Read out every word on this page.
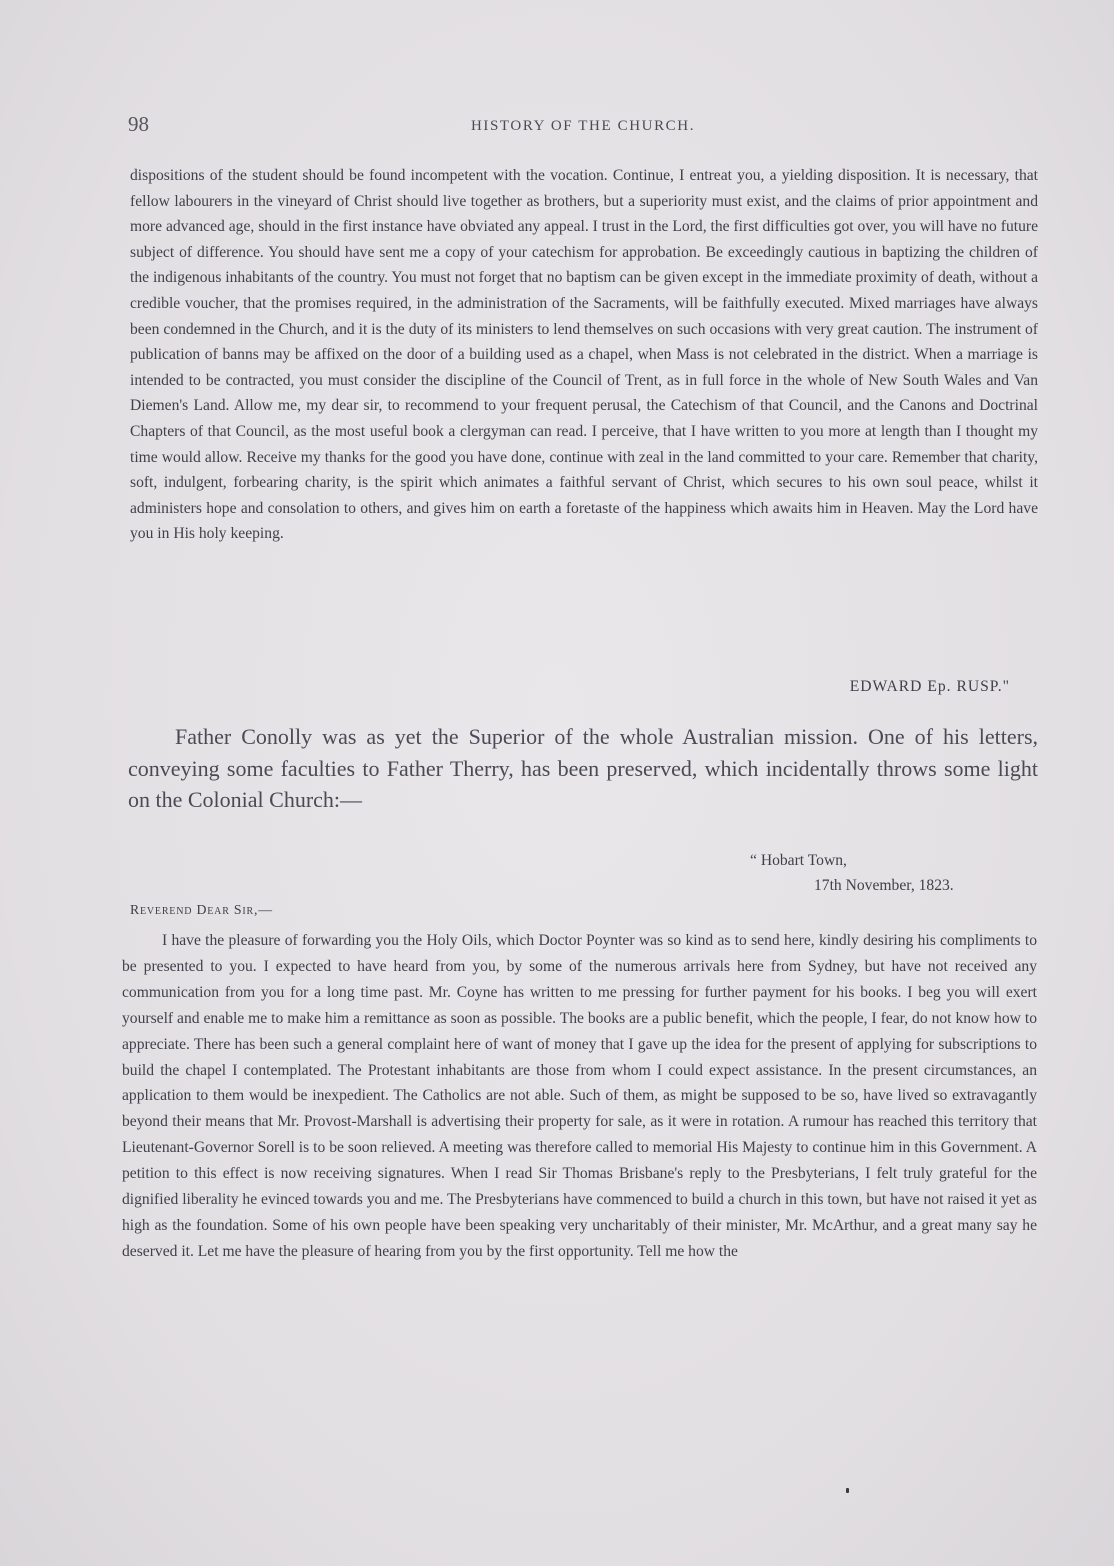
98	HISTORY OF THE CHURCH.

dispositions of the student should be found incompetent with the vocation. Continue, I entreat you, a yielding disposition. It is necessary, that fellow labourers in the vineyard of Christ should live together as brothers, but a superiority must exist, and the claims of prior appointment and more advanced age, should in the first instance have obviated any appeal. I trust in the Lord, the first difficulties got over, you will have no future subject of difference. You should have sent me a copy of your catechism for approbation. Be exceedingly cautious in baptizing the children of the indigenous inhabitants of the country. You must not forget that no baptism can be given except in the immediate proximity of death, without a credible voucher, that the promises required, in the administration of the Sacraments, will be faithfully executed. Mixed marriages have always been condemned in the Church, and it is the duty of its ministers to lend themselves on such occasions with very great caution. The instrument of publication of banns may be affixed on the door of a building used as a chapel, when Mass is not celebrated in the district. When a marriage is intended to be contracted, you must consider the discipline of the Council of Trent, as in full force in the whole of New South Wales and Van Diemen's Land. Allow me, my dear sir, to recommend to your frequent perusal, the Catechism of that Council, and the Canons and Doctrinal Chapters of that Council, as the most useful book a clergyman can read. I perceive, that I have written to you more at length than I thought my time would allow. Receive my thanks for the good you have done, continue with zeal in the land committed to your care. Remember that charity, soft, indulgent, forbearing charity, is the spirit which animates a faithful servant of Christ, which secures to his own soul peace, whilst it administers hope and consolation to others, and gives him on earth a foretaste of the happiness which awaits him in Heaven. May the Lord have you in His holy keeping.

EDWARD Ep. RUSP."

Father Conolly was as yet the Superior of the whole Australian mission. One of his letters, conveying some faculties to Father Therry, has been preserved, which incidentally throws some light on the Colonial Church:—

“ Hobart Town,
17th November, 1823.
Reverend Dear Sir,—

I have the pleasure of forwarding you the Holy Oils, which Doctor Poynter was so kind as to send here, kindly desiring his compliments to be presented to you. I expected to have heard from you, by some of the numerous arrivals here from Sydney, but have not received any communication from you for a long time past. Mr. Coyne has written to me pressing for further payment for his books. I beg you will exert yourself and enable me to make him a remittance as soon as possible. The books are a public benefit, which the people, I fear, do not know how to appreciate. There has been such a general complaint here of want of money that I gave up the idea for the present of applying for subscriptions to build the chapel I contemplated. The Protestant inhabitants are those from whom I could expect assistance. In the present circumstances, an application to them would be inexpedient. The Catholics are not able. Such of them, as might be supposed to be so, have lived so extravagantly beyond their means that Mr. Provost-Marshall is advertising their property for sale, as it were in rotation. A rumour has reached this territory that Lieutenant-Governor Sorell is to be soon relieved. A meeting was therefore called to memorial His Majesty to continue him in this Government. A petition to this effect is now receiving signatures. When I read Sir Thomas Brisbane's reply to the Presbyterians, I felt truly grateful for the dignified liberality he evinced towards you and me. The Presbyterians have commenced to build a church in this town, but have not raised it yet as high as the foundation. Some of his own people have been speaking very uncharitably of their minister, Mr. McArthur, and a great many say he deserved it. Let me have the pleasure of hearing from you by the first opportunity. Tell me how the
